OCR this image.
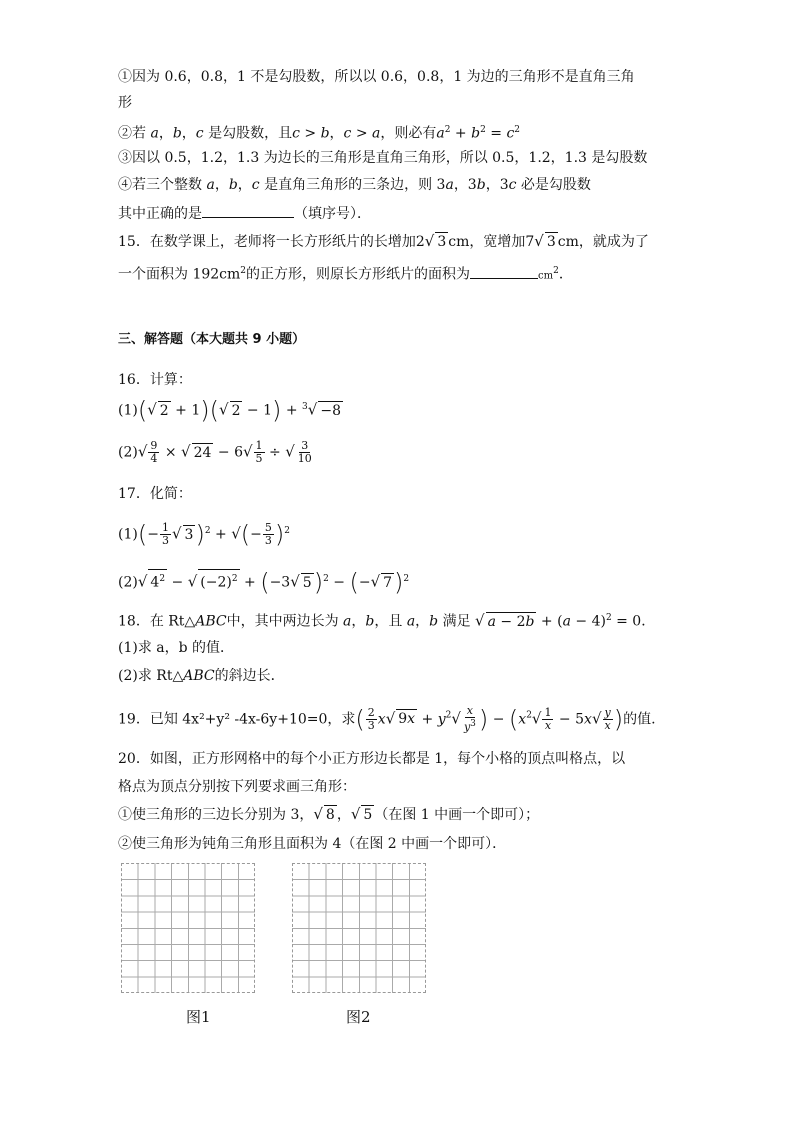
①因为 0.6，0.8，1 不是勾股数，所以以 0.6，0.8，1 为边的三角形不是直角三角
形
②若 a，b，c 是勾股数，且c > b，c > a，则必有$a^2 + b^2 = c^2$
③因以 0.5，1.2，1.3 为边长的三角形是直角三角形，所以 0.5，1.2，1.3 是勾股数
④若三个整数 a，b，c 是直角三角形的三条边，则 3a，3b，3c 必是勾股数
其中正确的是	（填序号）．
15．在数学课上，老师将一长方形纸片的长增加2√ 3 cm，宽增加7√ 3 cm，就成为了
一个面积为 $192cm^2$的正方形，则原长方形纸片的面积为	$cm^2$．
三、解答题（本大题共 9 小题）
16．计算：
(1)(√ 2 + 1)(√ 2 − 1) + $^3$√ −8
$(2)√ \frac{9}{4}$ × √ $24 - 6√ \frac{1}{5}$ ÷ √ $\frac{3}{10}$
17．化简：
$(1)(- \frac{1}{3}$ √ 3)$^2$ + √(− $\frac{5}{3} )^2$
(2)√ $4^2$ − √ $(-2)^2 + (-3√$ 5)$^2$ − (−√ 7)$^2$
18．在 Rt△ABC中，其中两边长为 a，b，且 a，b 满足 √ $a - 2b + (a - 4)^2 = 0$．
(1)求 a，b 的值．
(2)求 Rt△ABC的斜边长．
19．已知 4x²+y² -4x-6y+10=0，求( $\frac{2}{3} x√$ $9x + y^2√ \frac{x}{y^3}$ ) − ($x^2√ \frac{1}{x} - 5x√ \frac{y}{x}$ )的值.
20．如图，正方形网格中的每个小正方形边长都是 1，每个小格的顶点叫格点，以
格点为顶点分别按下列要求画三角形：
①使三角形的三边长分别为 3，√ 8 ，√ 5 （在图 1 中画一个即可）；
②使三角形为钝角三角形且面积为 4（在图 2 中画一个即可）．
图1	图2
